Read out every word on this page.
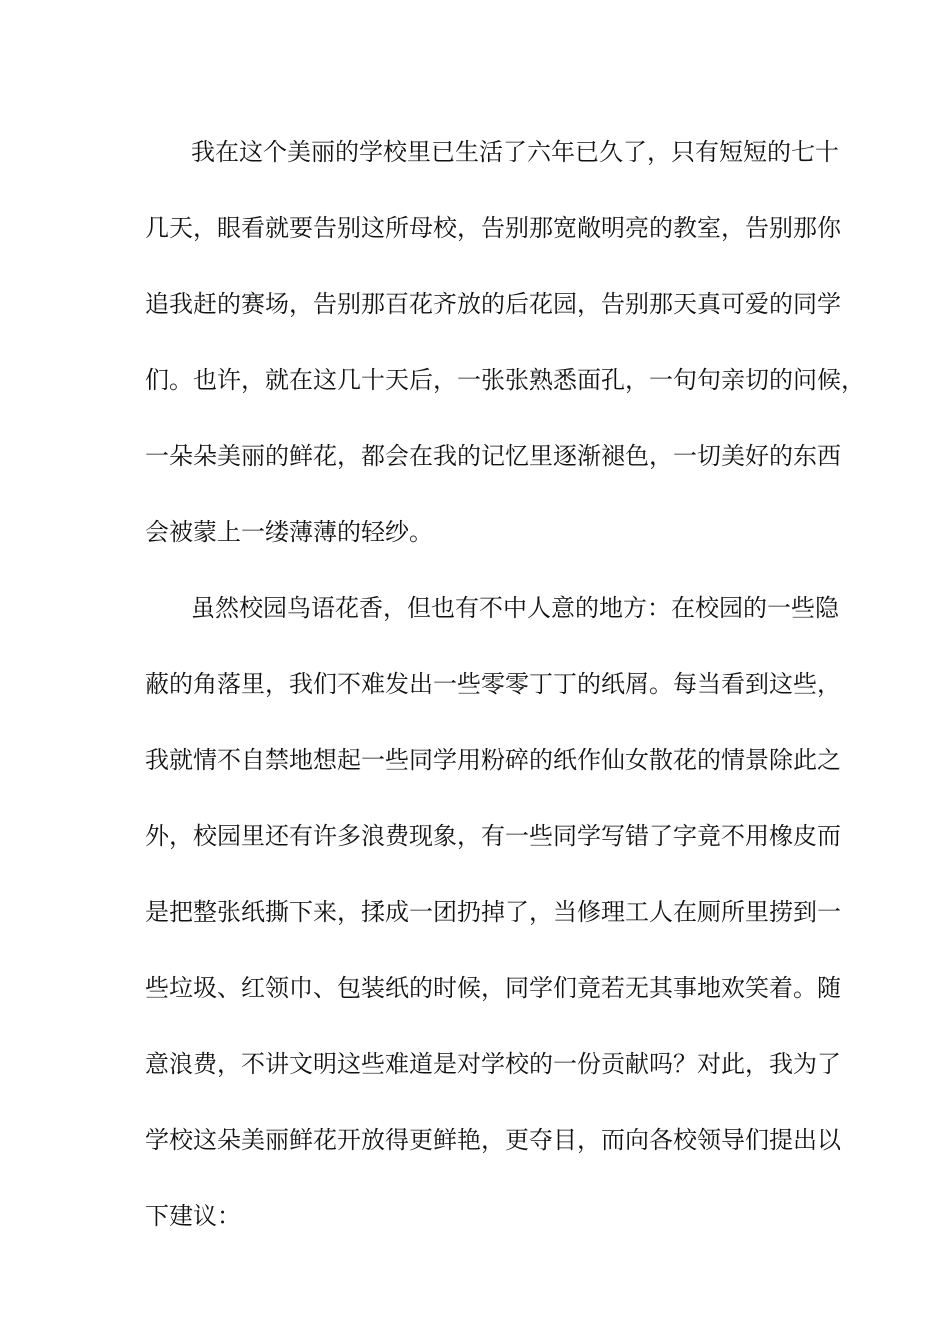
我在这个美丽的学校里已生活了六年已久了，只有短短的七十
几天，眼看就要告别这所母校，告别那宽敞明亮的教室，告别那你
追我赶的赛场，告别那百花齐放的后花园，告别那天真可爱的同学
们。也许，就在这几十天后，一张张熟悉面孔，一句句亲切的问候，
一朵朵美丽的鲜花，都会在我的记忆里逐渐褪色，一切美好的东西
会被蒙上一缕薄薄的轻纱。
虽然校园鸟语花香，但也有不中人意的地方：在校园的一些隐
蔽的角落里，我们不难发出一些零零丁丁的纸屑。每当看到这些，
我就情不自禁地想起一些同学用粉碎的纸作仙女散花的情景除此之
外，校园里还有许多浪费现象，有一些同学写错了字竟不用橡皮而
是把整张纸撕下来，揉成一团扔掉了，当修理工人在厕所里捞到一
些垃圾、红领巾、包装纸的时候，同学们竟若无其事地欢笑着。随
意浪费，不讲文明这些难道是对学校的一份贡献吗？对此，我为了
学校这朵美丽鲜花开放得更鲜艳，更夺目，而向各校领导们提出以
下建议：
